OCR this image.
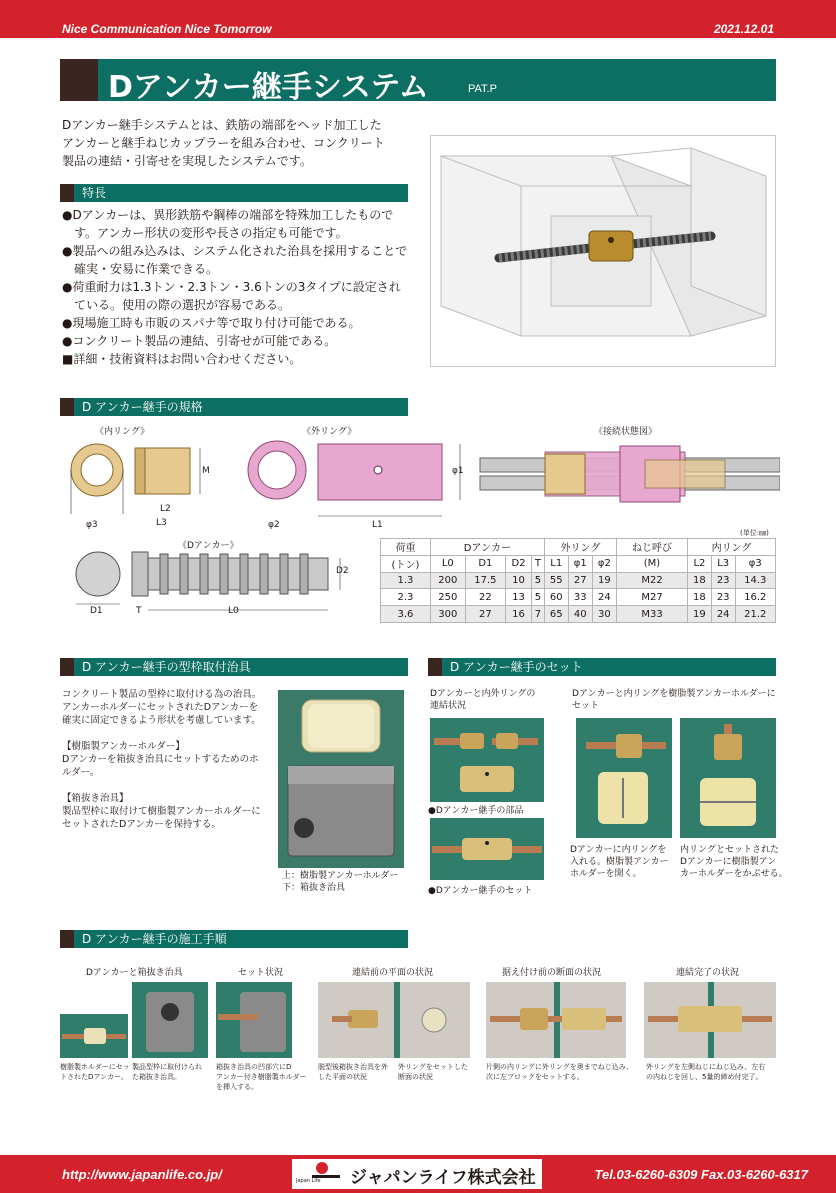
Nice Communication Nice Tomorrow	2021.12.01
Dアンカー継手システム	PAT.P
Dアンカー継手システムとは、鉄筋の端部をヘッド加工した
アンカーと継手ねじカップラーを組み合わせ、コンクリート
製品の連結・引寄せを実現したシステムです。
特長
●Dアンカーは、異形鉄筋や鋼棒の端部を特殊加工したものです。アンカー形状の変形や長さの指定も可能です。
●製品への組み込みは、システム化された治具を採用することで確実・安易に作業できる。
●荷重耐力は1.3トン・2.3トン・3.6トンの3タイプに設定されている。使用の際の選択が容易である。
●現場施工時も市販のスパナ等で取り付け可能である。
●コンクリート製品の連結、引寄せが可能である。
■詳細・技術資料はお問い合わせください。
D アンカー継手の規格
《内リング》	《外リング》	《接続状態図》
φ3
L2
L3
M
φ2	L1
φ1
《Dアンカー》
D1	T	L0
D2
(単位:㎜)
荷重	Dアンカー				外リング			ねじ呼び	内リング		
(トン)	L0	D1	D2	T	L1	φ1	φ2	(M)	L2	L3	φ3
1.3	200	17.5	10	5	55	27	19	M22	18	23	14.3
2.3	250	22	13	5	60	33	24	M27	18	23	16.2
3.6	300	27	16	7	65	40	30	M33	19	24	21.2
D アンカー継手の型枠取付治具
コンクリート製品の型枠に取付ける為の治具。
アンカーホルダーにセットされたDアンカーを
確実に固定できるよう形状を考慮しています。

【樹脂製アンカーホルダー】
Dアンカーを箱抜き治具にセットするためのホ
ルダー。

【箱抜き治具】
製品型枠に取付けて樹脂製アンカーホルダーに
セットされたDアンカーを保持する。
上：樹脂製アンカーホルダー
下：箱抜き治具
D アンカー継手のセット
Dアンカーと内外リングの
連結状況
●Dアンカー継手の部品
●Dアンカー継手のセット
Dアンカーと内リングを樹脂製アンカーホルダーに
セット
Dアンカーに内リングを
入れる。樹脂製アンカー
ホルダーを開く。
内リングとセットされた
Dアンカーに樹脂製アン
カーホルダーをかぶせる。
D アンカー継手の施工手順
Dアンカーと箱抜き治具	セット状況	連結前の平面の状況	据え付け前の断面の状況	連結完了の状況
樹脂製ホルダーにセッ
トされたDアンカー。
製品型枠に取付けられ
た箱抜き治具。
箱抜き治具の凹部穴にD
アンカー付き樹脂製ホルダー
を挿入する。
脱型後箱抜き治具を外
した平面の状況
外リングをセットした
断面の状況
片側の内リングに外リングを奥までねじ込み、
次に左ブロックをセットする。
外リングを左側ねじにねじ込み、左右
の内ねじを回し、5量的締め付完了。
http://www.japanlife.co.jp/	Japan Life ジャパンライフ株式会社	Tel.03-6260-6309 Fax.03-6260-6317
